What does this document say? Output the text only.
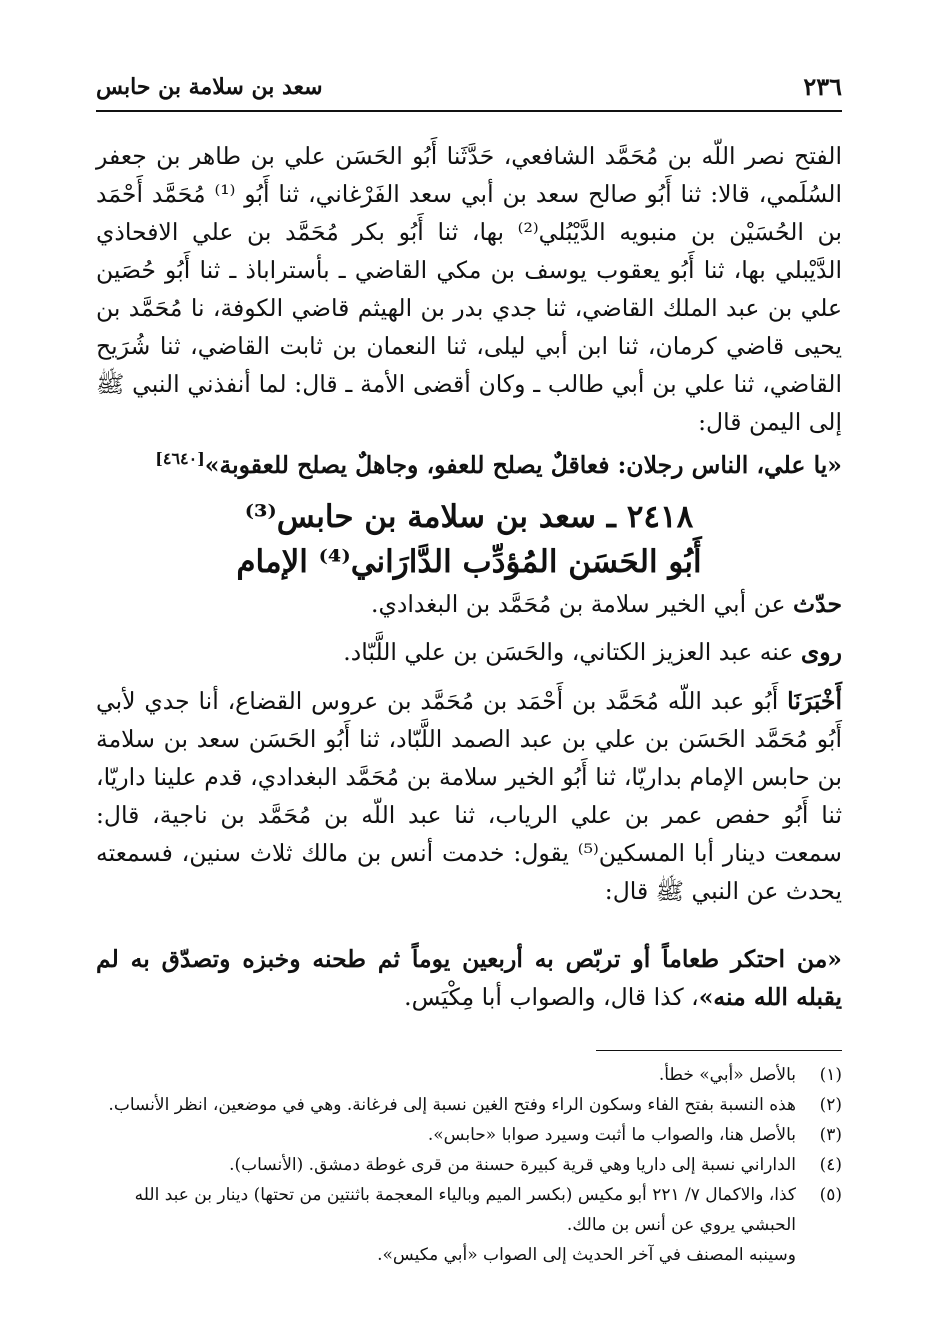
٢٣٦
سعد بن سلامة بن حابس

الفتح نصر اللّه بن مُحَمَّد الشافعي، حَدَّثَنا أَبُو الحَسَن علي بن طاهر بن جعفر السُلَمي، قالا: ثنا أَبُو صالح سعد بن أبي سعد الفَرْغاني، ثنا أَبُو ⁽¹⁾ مُحَمَّد أَحْمَد بن الحُسَيْن بن منبويه الدَّيْبُلي⁽²⁾ بها، ثنا أَبُو بكر مُحَمَّد بن علي الافحاذي الدَّيْبلي بها، ثنا أَبُو يعقوب يوسف بن مكي القاضي ـ بأستراباذ ـ ثنا أَبُو حُصَين علي بن عبد الملك القاضي، ثنا جدي بدر بن الهيثم قاضي الكوفة، نا مُحَمَّد بن يحيى قاضي كرمان، ثنا ابن أبي ليلى، ثنا النعمان بن ثابت القاضي، ثنا شُرَيح القاضي، ثنا علي بن أبي طالب ـ وكان أقضى الأمة ـ قال: لما أنفذني النبي ﷺ إلى اليمن قال:

«يا علي، الناس رجلان: فعاقلٌ يصلح للعفو، وجاهلٌ يصلح للعقوبة»[٤٦٤٠]

٢٤١٨ ـ سعد بن سلامة بن حابس⁽³⁾

أَبُو الحَسَن المُؤدِّب الدَّارَاني⁽⁴⁾ الإمام

حدّث عن أبي الخير سلامة بن مُحَمَّد بن البغدادي.

روى عنه عبد العزيز الكتاني، والحَسَن بن علي اللَّبّاد.

أَخْبَرَنَا أَبُو عبد اللّه مُحَمَّد بن أَحْمَد بن مُحَمَّد بن عروس القضاع، أنا جدي لأبي أَبُو مُحَمَّد الحَسَن بن علي بن عبد الصمد اللَّبّاد، ثنا أَبُو الحَسَن سعد بن سلامة بن حابس الإمام بداريّا، ثنا أَبُو الخير سلامة بن مُحَمَّد البغدادي، قدم علينا داريّا، ثنا أَبُو حفص عمر بن علي الرياب، ثنا عبد اللّه بن مُحَمَّد بن ناجية، قال: سمعت دينار أبا المسكين⁽⁵⁾ يقول: خدمت أنس بن مالك ثلاث سنين، فسمعته يحدث عن النبي ﷺ قال:

«من احتكر طعاماً أو تربّص به أربعين يوماً ثم طحنه وخبزه وتصدّق به لم يقبله الله منه»، كذا قال، والصواب أبا مِكْيَس.

(١)
بالأصل «أبي» خطأ.
(٢)
هذه النسبة بفتح الفاء وسكون الراء وفتح الغين نسبة إلى فرغانة. وهي في موضعين، انظر الأنساب.
(٣)
بالأصل هنا، والصواب ما أثبت وسيرد صوابا «حابس».
(٤)
الداراني نسبة إلى داريا وهي قرية كبيرة حسنة من قرى غوطة دمشق. (الأنساب).
(٥)
كذا، والاكمال ٧/ ٢٢١ أبو مكيس (بكسر الميم وبالياء المعجمة باثنتين من تحتها) دينار بن عبد الله الحبشي يروي عن أنس بن مالك.
وسينبه المصنف في آخر الحديث إلى الصواب «أبي مكيس».
